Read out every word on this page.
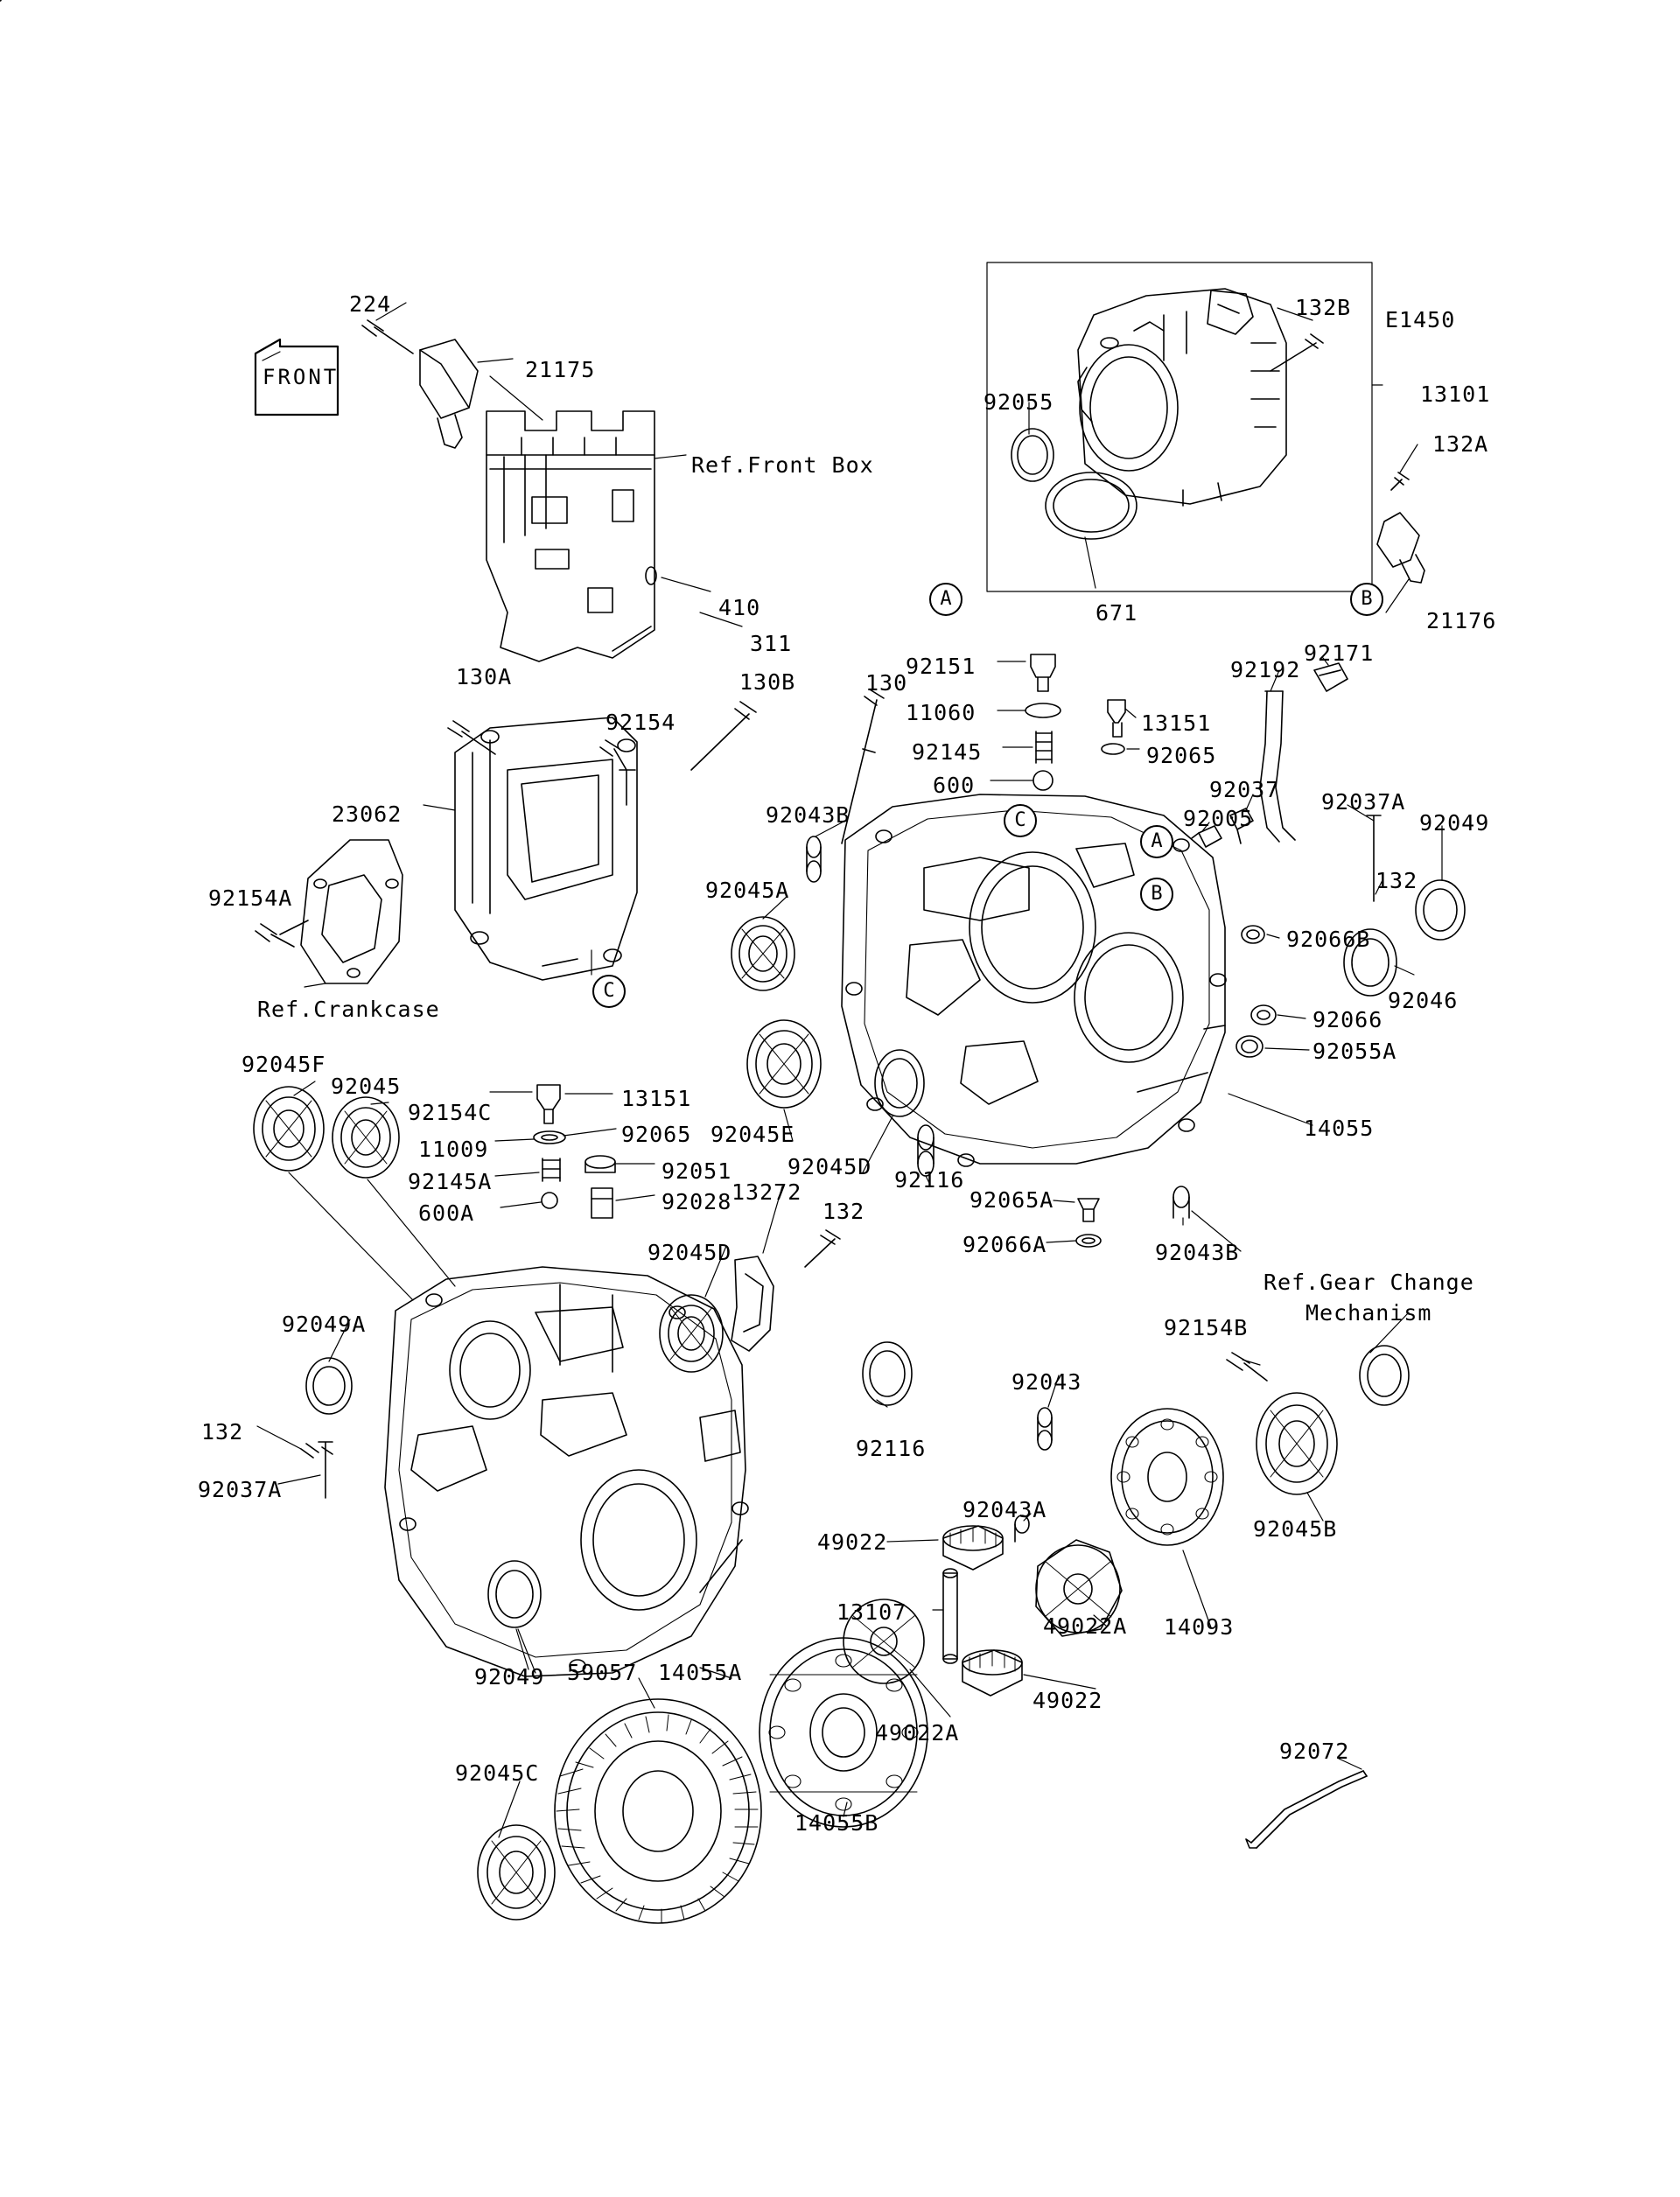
224
21175
Ref.Front Box
410
311
132B E1450
92055	13101
132A
671	21176
130A
92154
130B	130
92151
11060	13151
92145	92065
600
92192
92171
92037 92037A
23062	92043B	92005	92049
132
92154A	92045A
92066B
92046
92066
92055A
Ref.Crankcase
92045F
92045
92154C
13151
11009
92065
92145A	92051
92045E
92045D
92116
600A	92028 13272
132	92065A
92066A	92043B
14055
92045D
Ref.Gear Change
Mechanism
92049A	92154B
92043
132
92116
92037A
92045B
92043A
49022
13107
49022A 14093
92049 59057 14055A
49022
49022A
92072
92045C
14055B
FRONT
A	B
C
A
B
C
